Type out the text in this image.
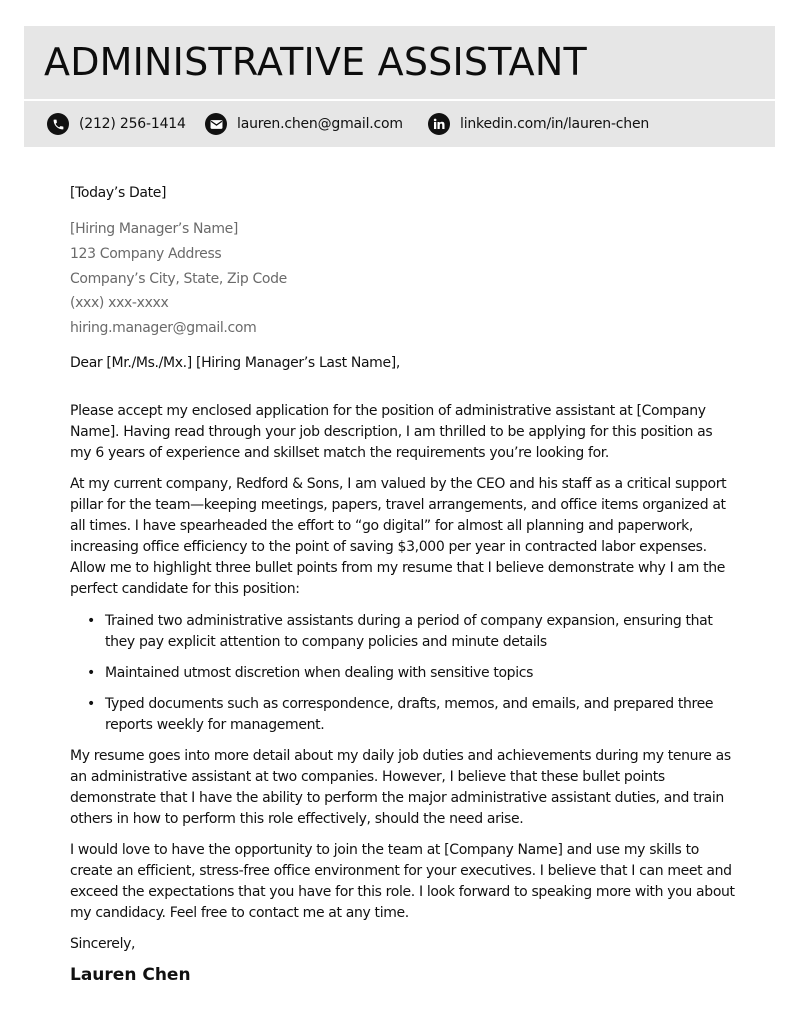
ADMINISTRATIVE ASSISTANT
(212) 256-1414	lauren.chen@gmail.com	linkedin.com/in/lauren-chen

[Today’s Date]

[Hiring Manager’s Name]

123 Company Address

Company’s City, State, Zip Code

(xxx) xxx-xxxx

hiring.manager@gmail.com

Dear [Mr./Ms./Mx.] [Hiring Manager’s Last Name],

Please accept my enclosed application for the position of administrative assistant at [Company Name]. Having read through your job description, I am thrilled to be applying for this position as my 6 years of experience and skillset match the requirements you’re looking for.

At my current company, Redford & Sons, I am valued by the CEO and his staff as a critical support pillar for the team—keeping meetings, papers, travel arrangements, and office items organized at all times. I have spearheaded the effort to “go digital” for almost all planning and paperwork, increasing office efficiency to the point of saving $3,000 per year in contracted labor expenses. Allow me to highlight three bullet points from my resume that I believe demonstrate why I am the perfect candidate for this position:

• Trained two administrative assistants during a period of company expansion, ensuring that they pay explicit attention to company policies and minute details
• Maintained utmost discretion when dealing with sensitive topics
• Typed documents such as correspondence, drafts, memos, and emails, and prepared three reports weekly for management.

My resume goes into more detail about my daily job duties and achievements during my tenure as an administrative assistant at two companies. However, I believe that these bullet points demonstrate that I have the ability to perform the major administrative assistant duties, and train others in how to perform this role effectively, should the need arise.

I would love to have the opportunity to join the team at [Company Name] and use my skills to create an efficient, stress-free office environment for your executives. I believe that I can meet and exceed the expectations that you have for this role. I look forward to speaking more with you about my candidacy. Feel free to contact me at any time.

Sincerely,

Lauren Chen
